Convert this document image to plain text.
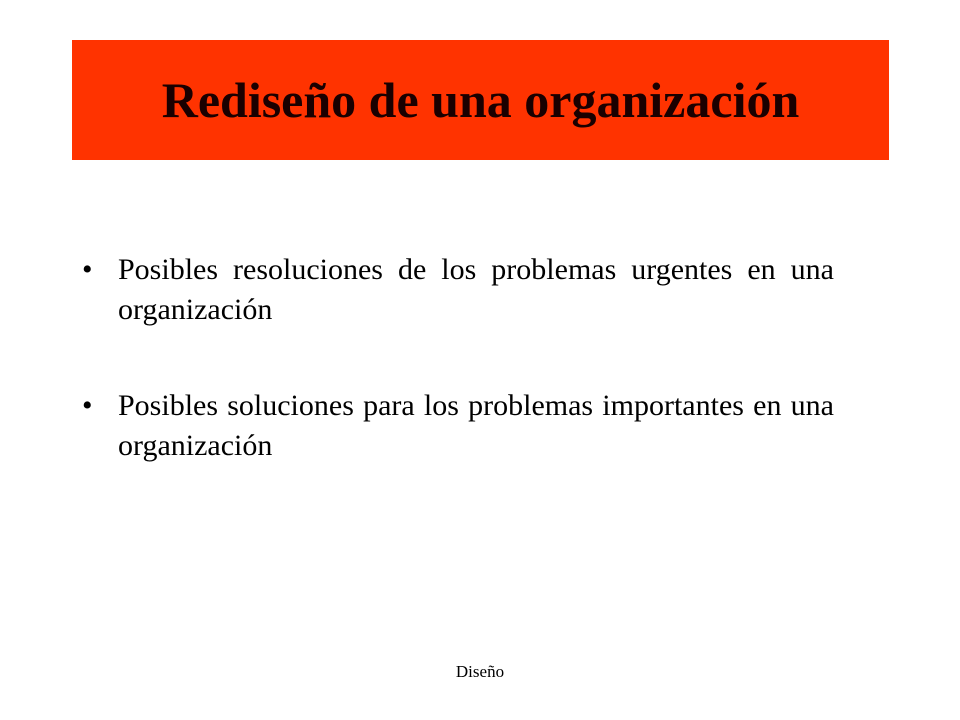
Rediseño de una organización
• Posibles resoluciones de los problemas urgentes en una organización
• Posibles soluciones para los problemas importantes en una organización
Diseño
